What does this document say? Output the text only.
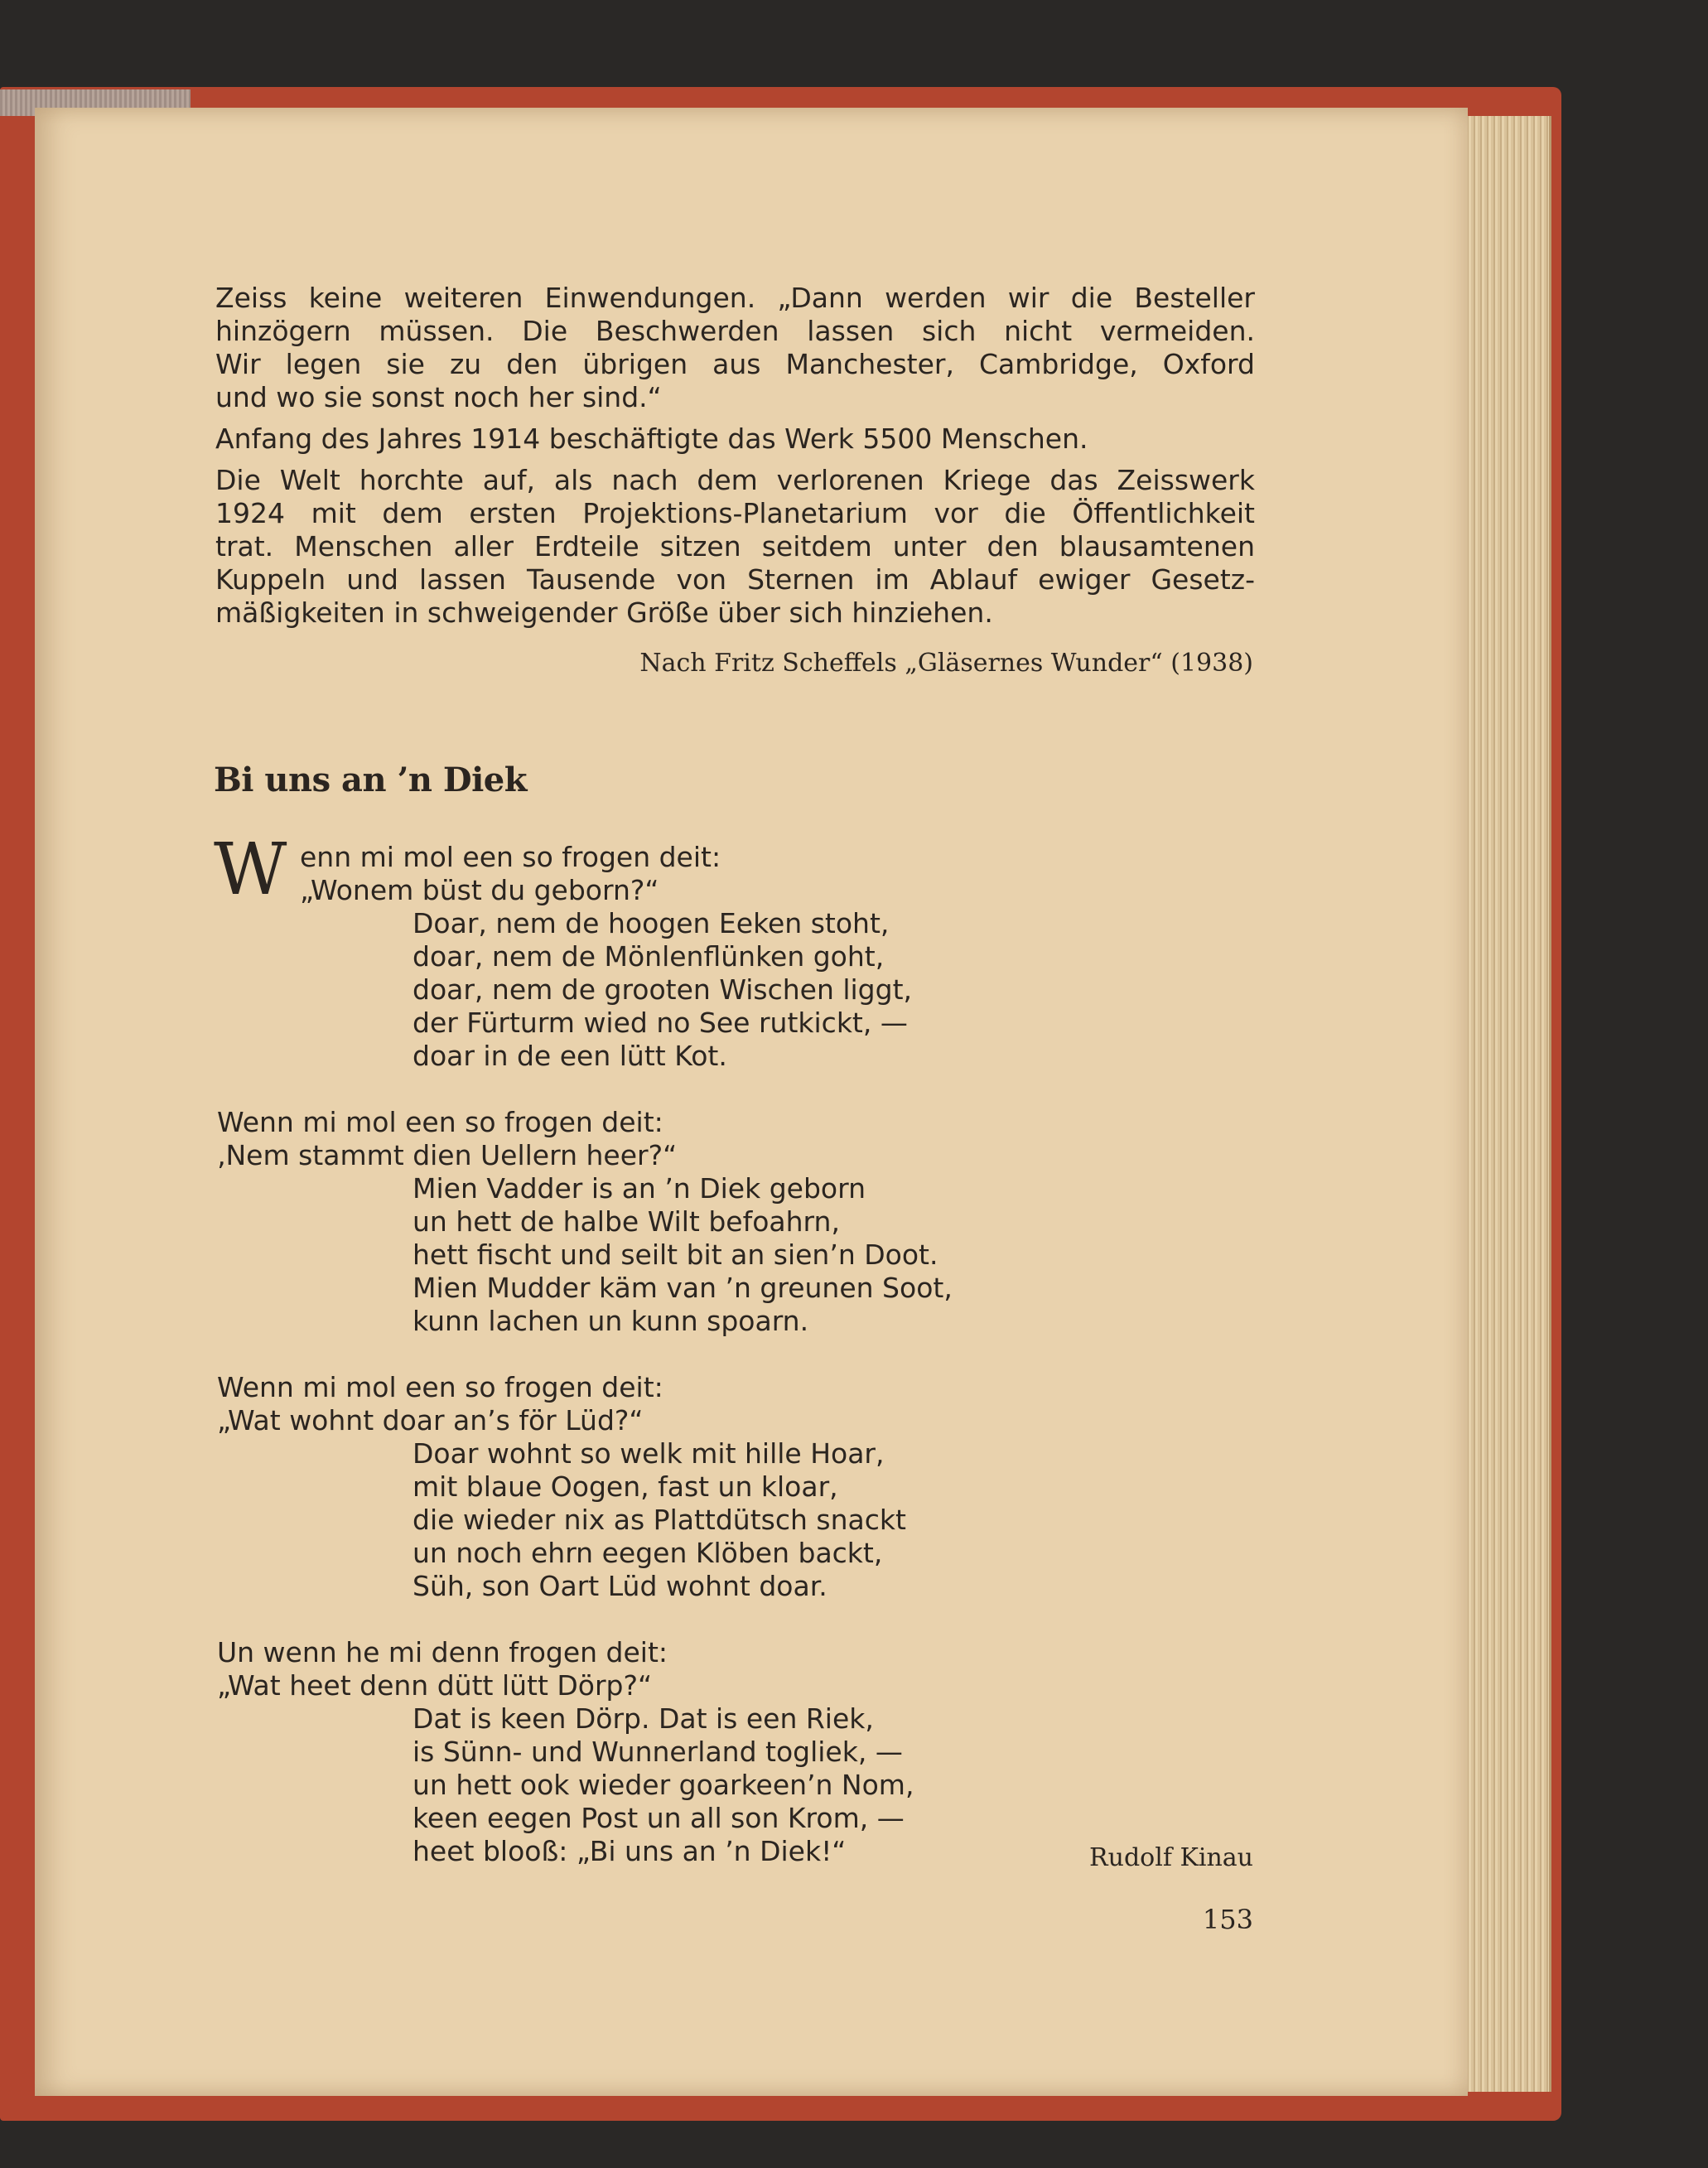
Zeiss keine weiteren Einwendungen. „Dann werden wir die Besteller
hinzögern müssen. Die Beschwerden lassen sich nicht vermeiden.
Wir legen sie zu den übrigen aus Manchester, Cambridge, Oxford
und wo sie sonst noch her sind.“

Anfang des Jahres 1914 beschäftigte das Werk 5500 Menschen.

Die Welt horchte auf, als nach dem verlorenen Kriege das Zeisswerk
1924 mit dem ersten Projektions-Planetarium vor die Öffentlichkeit
trat. Menschen aller Erdteile sitzen seitdem unter den blausamtenen
Kuppeln und lassen Tausende von Sternen im Ablauf ewiger Gesetz-
mäßigkeiten in schweigender Größe über sich hinziehen.

Nach Fritz Scheffels „Gläsernes Wunder“ (1938)
Bi uns an ’n Diek
W enn mi mol een so frogen deit:
„Wonem büst du geborn?“
Doar, nem de hoogen Eeken stoht,
doar, nem de Mönlenflünken goht,
doar, nem de grooten Wischen liggt,
der Fürturm wied no See rutkickt, —
doar in de een lütt Kot.
Wenn mi mol een so frogen deit:
‚Nem stammt dien Uellern heer?“
Mien Vadder is an ’n Diek geborn
un hett de halbe Wilt befoahrn,
hett fischt und seilt bit an sien’n Doot.
Mien Mudder käm van ’n greunen Soot,
kunn lachen un kunn spoarn.
Wenn mi mol een so frogen deit:
„Wat wohnt doar an’s för Lüd?“
Doar wohnt so welk mit hille Hoar,
mit blaue Oogen, fast un kloar,
die wieder nix as Plattdütsch snackt
un noch ehrn eegen Klöben backt,
Süh, son Oart Lüd wohnt doar.
Un wenn he mi denn frogen deit:
„Wat heet denn dütt lütt Dörp?“
Dat is keen Dörp. Dat is een Riek,
is Sünn- und Wunnerland togliek, —
un hett ook wieder goarkeen’n Nom,
keen eegen Post un all son Krom, —
heet blooß: „Bi uns an ’n Diek!“	Rudolf Kinau
153
